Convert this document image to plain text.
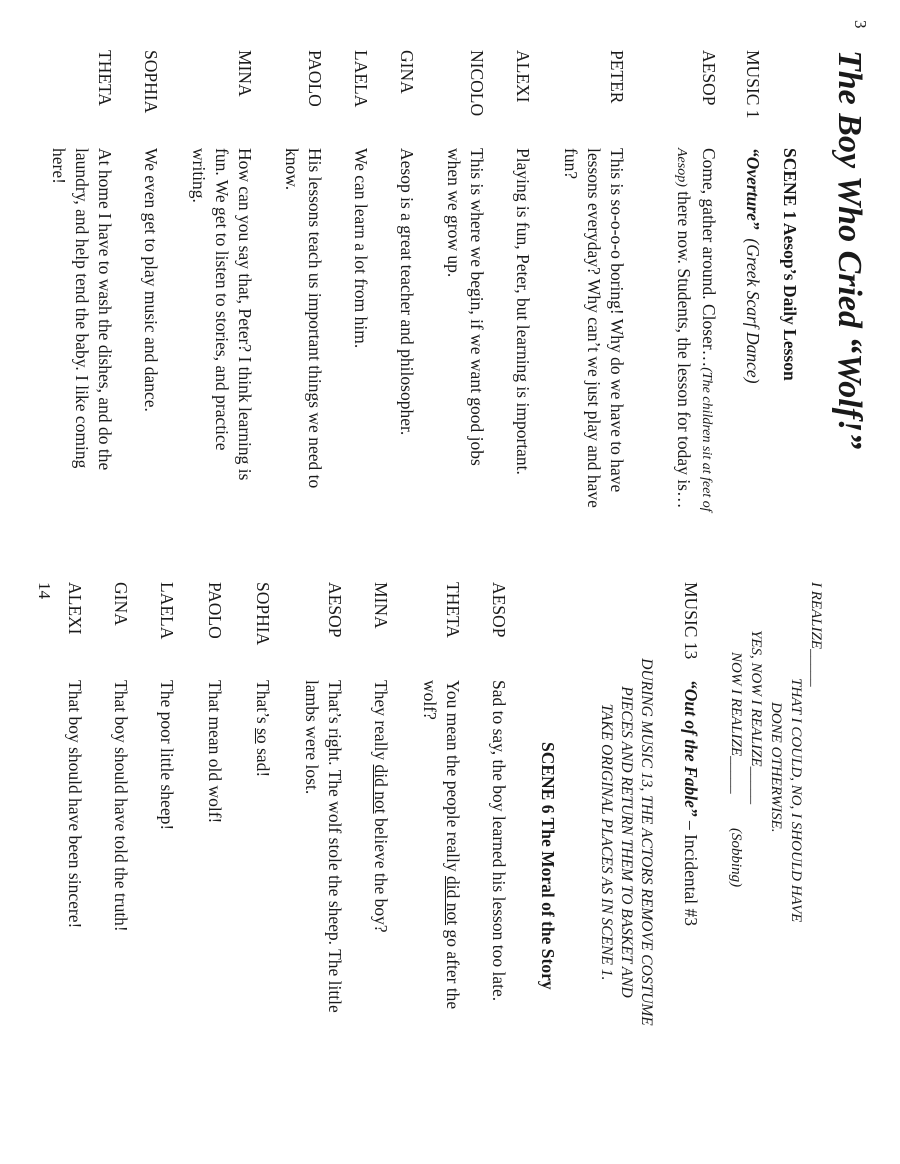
3
The Boy Who Cried “Wolf!”
SCENE 1 Aesop’s Daily Lesson
MUSIC 1
“Overture”  (Greek Scarf Dance)
AESOP
Come, gather around. Closer…(The children sit at feet of Aesop) there now. Students, the lesson for today is…
PETER
This is so-o-o-o boring! Why do we have to have lessons everyday? Why can’t we just play and have fun?
ALEXI
Playing is fun, Peter, but learning is important.
NICOLO
This is where we begin, if we want good jobs when we grow up.
GINA
Aesop is a great teacher and philosopher.
LAELA
We can learn a lot from him.
PAOLO
His lessons teach us important things we need to know.
MINA
How can you say that, Peter? I think learning is fun. We get to listen to stories, and practice writing.
SOPHIA
We even get to play music and dance.
THETA
At home I have to wash the dishes, and do the laundry, and help tend the baby. I like coming here!
I REALIZE_____
THAT I COULD, NO, I SHOULD HAVE
DONE OTHERWISE.
YES, NOW I REALIZE_____
NOW I REALIZE_____
(Sobbing)
MUSIC 13
“Out of the Fable” – Incidental #3
DURING MUSIC 13, THE ACTORS REMOVE COSTUME
PIECES AND RETURN THEM TO BASKET AND
TAKE ORIGINAL PLACES AS IN SCENE 1.
SCENE 6 The Moral of the Story
AESOP
Sad to say, the boy learned his lesson too late.
THETA
You mean the people really did not go after the wolf?
MINA
They really did not believe the boy?
AESOP
That’s right. The wolf stole the sheep. The little lambs were lost.
SOPHIA
That’s so sad!
PAOLO
That mean old wolf!
LAELA
The poor little sheep!
GINA
That boy should have told the truth!
ALEXI
That boy should have been sincere!
14
